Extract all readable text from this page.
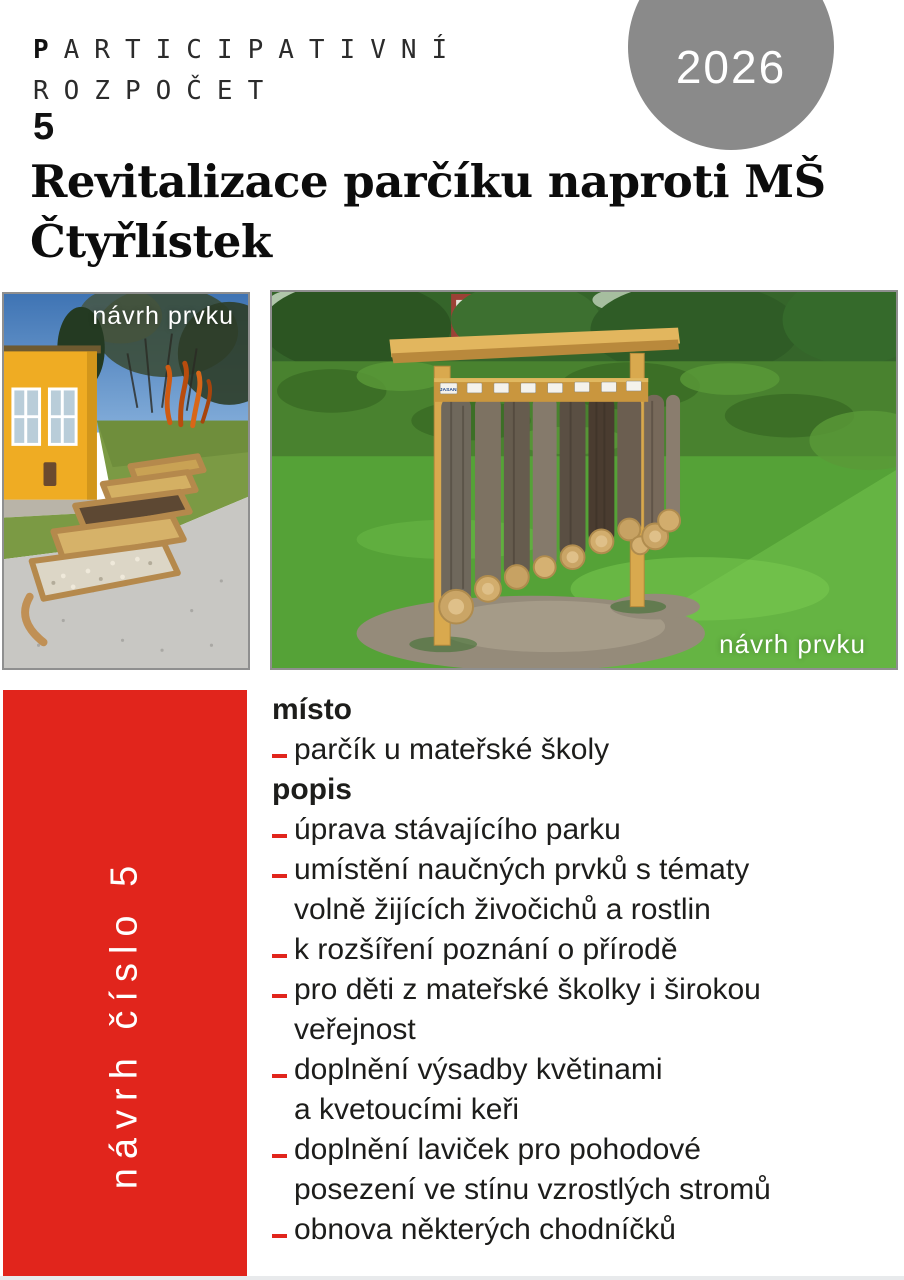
PARTICIPATIVNÍ
ROZPOČET	2026
5
Revitalizace parčíku naproti MŠ
Čtyřlístek
návrh prvku
JASAN
návrh prvku
návrh číslo 5
místo
parčík u mateřské školy
popis
úprava stávajícího parku
umístění naučných prvků s tématy
volně žijících živočichů a rostlin
k rozšíření poznání o přírodě
pro děti z mateřské školky i širokou
veřejnost
doplnění výsadby květinami
a kvetoucími keři
doplnění laviček pro pohodové
posezení ve stínu vzrostlých stromů
obnova některých chodníčků
